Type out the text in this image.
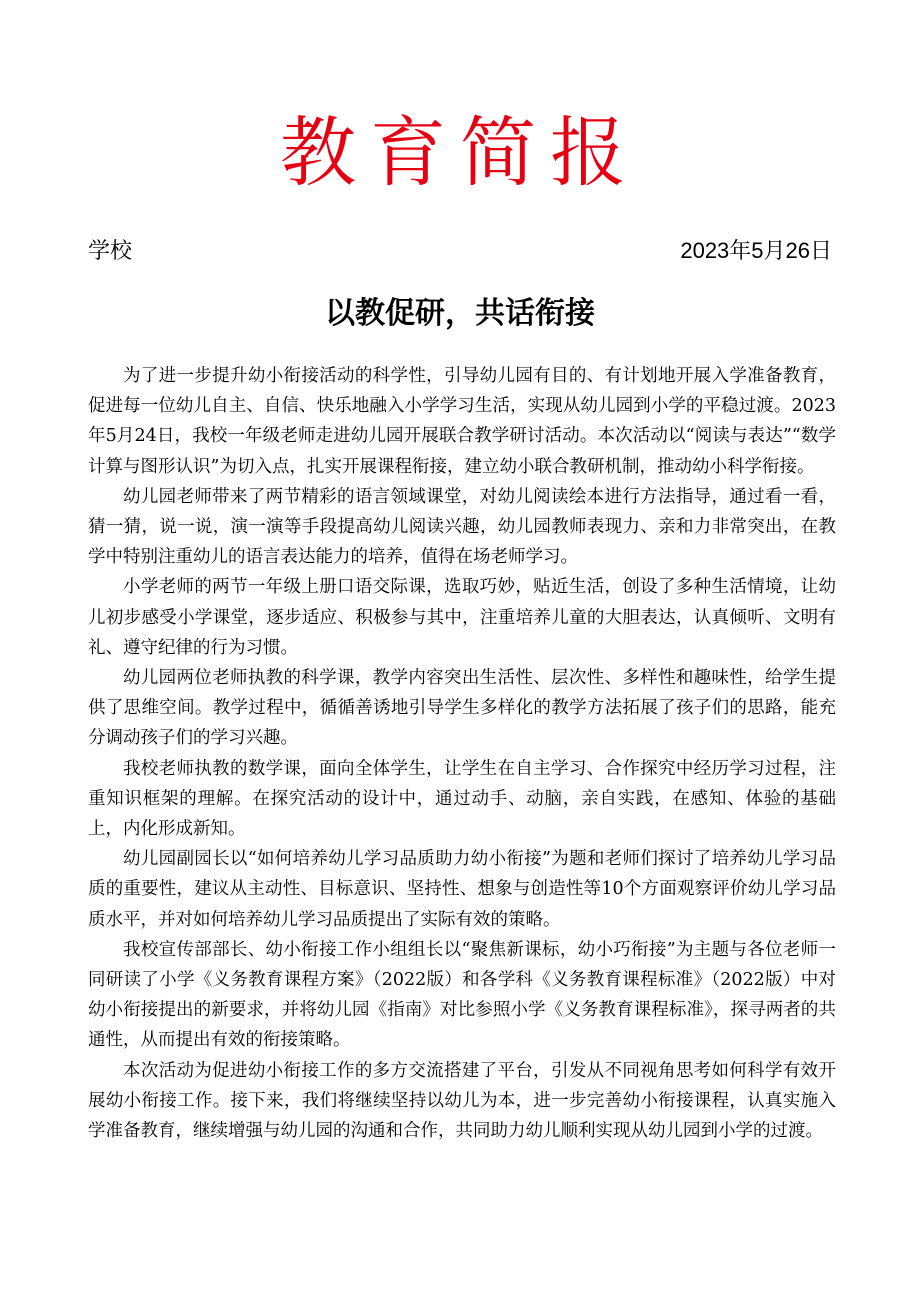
教育简报
学校	2023年5月26日
以教促研，共话衔接

为了进一步提升幼小衔接活动的科学性，引导幼儿园有目的、有计划地开展入学准备教育，促进每一位幼儿自主、自信、快乐地融入小学学习生活，实现从幼儿园到小学的平稳过渡。2023年5月24日，我校一年级老师走进幼儿园开展联合教学研讨活动。本次活动以“阅读与表达”“数学计算与图形认识”为切入点，扎实开展课程衔接，建立幼小联合教研机制，推动幼小科学衔接。

幼儿园老师带来了两节精彩的语言领域课堂，对幼儿阅读绘本进行方法指导，通过看一看，猜一猜，说一说，演一演等手段提高幼儿阅读兴趣，幼儿园教师表现力、亲和力非常突出，在教学中特别注重幼儿的语言表达能力的培养，值得在场老师学习。

小学老师的两节一年级上册口语交际课，选取巧妙，贴近生活，创设了多种生活情境，让幼儿初步感受小学课堂，逐步适应、积极参与其中，注重培养儿童的大胆表达，认真倾听、文明有礼、遵守纪律的行为习惯。

幼儿园两位老师执教的科学课，教学内容突出生活性、层次性、多样性和趣味性，给学生提供了思维空间。教学过程中，循循善诱地引导学生多样化的教学方法拓展了孩子们的思路，能充分调动孩子们的学习兴趣。

我校老师执教的数学课，面向全体学生，让学生在自主学习、合作探究中经历学习过程，注重知识框架的理解。在探究活动的设计中，通过动手、动脑，亲自实践，在感知、体验的基础上，内化形成新知。

幼儿园副园长以“如何培养幼儿学习品质助力幼小衔接”为题和老师们探讨了培养幼儿学习品质的重要性，建议从主动性、目标意识、坚持性、想象与创造性等10个方面观察评价幼儿学习品质水平，并对如何培养幼儿学习品质提出了实际有效的策略。

我校宣传部部长、幼小衔接工作小组组长以“聚焦新课标，幼小巧衔接”为主题与各位老师一同研读了小学《义务教育课程方案》（2022版）和各学科《义务教育课程标准》（2022版）中对幼小衔接提出的新要求，并将幼儿园《指南》对比参照小学《义务教育课程标准》，探寻两者的共通性，从而提出有效的衔接策略。

本次活动为促进幼小衔接工作的多方交流搭建了平台，引发从不同视角思考如何科学有效开展幼小衔接工作。接下来，我们将继续坚持以幼儿为本，进一步完善幼小衔接课程，认真实施入学准备教育，继续增强与幼儿园的沟通和合作，共同助力幼儿顺利实现从幼儿园到小学的过渡。
